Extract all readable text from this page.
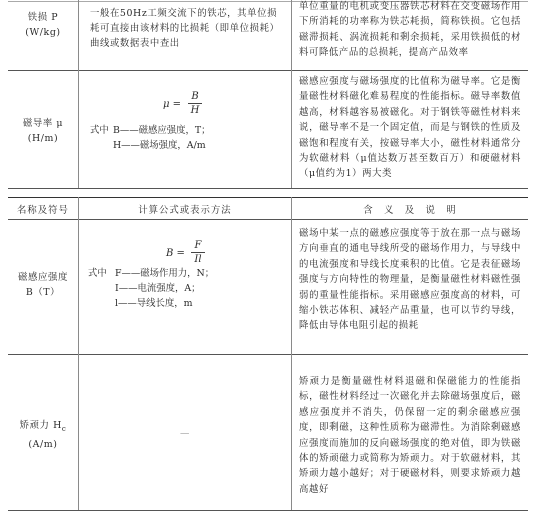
铁损 P
(W/kg)
一般在50Hz工频交流下的铁芯，其单位损耗可直接由该材料的比损耗（即单位损耗）曲线或数据表中查出
单位重量的电机或变压器铁芯材料在交变磁场作用下所消耗的功率称为铁芯耗损，简称铁损。它包括磁滞损耗、涡流损耗和剩余损耗，采用铁损低的材料可降低产品的总损耗，提高产品效率
磁导率 μ
(H/m)
μ =
B
H
式中 B——磁感应强度，T；
H——磁场强度，A/m
磁感应强度与磁场强度的比值称为磁导率。它是衡量磁性材料磁化难易程度的性能指标。磁导率数值越高，材料越容易被磁化。对于钢铁等磁性材料来说，磁导率不是一个固定值，而是与钢铁的性质及磁饱和程度有关，按磁导率大小，磁性材料通常分为软磁材料（μ值达数万甚至数百万）和硬磁材料（μ值约为1）两大类
名称及符号	计算公式或表示方法	含　义　及　说　明
磁感应强度
B（T）
B =
F
Il
式中 F——磁场作用力，N；
I——电流强度，A；
l——导线长度，m
磁场中某一点的磁感应强度等于放在那一点与磁场方向垂直的通电导线所受的磁场作用力，与导线中的电流强度和导线长度乘积的比值。它是表征磁场强度与方向特性的物理量，是衡量磁性材料磁性强弱的重量性能指标。采用磁感应强度高的材料，可缩小铁芯体积、减轻产品重量，也可以节约导线，降低由导体电阻引起的损耗
矫顽力 $H_c$
(A/m)
—
矫顽力是衡量磁性材料退磁和保磁能力的性能指标，磁性材料经过一次磁化并去除磁场强度后，磁感应强度并不消失，仍保留一定的剩余磁感应强度，即剩磁，这种性质称为磁滞性。为消除剩磁感应强度而施加的反向磁场强度的绝对值，即为铁磁体的矫顽磁力或简称为矫顽力。对于软磁材料，其矫顽力越小越好；对于硬磁材料，则要求矫顽力越高越好
